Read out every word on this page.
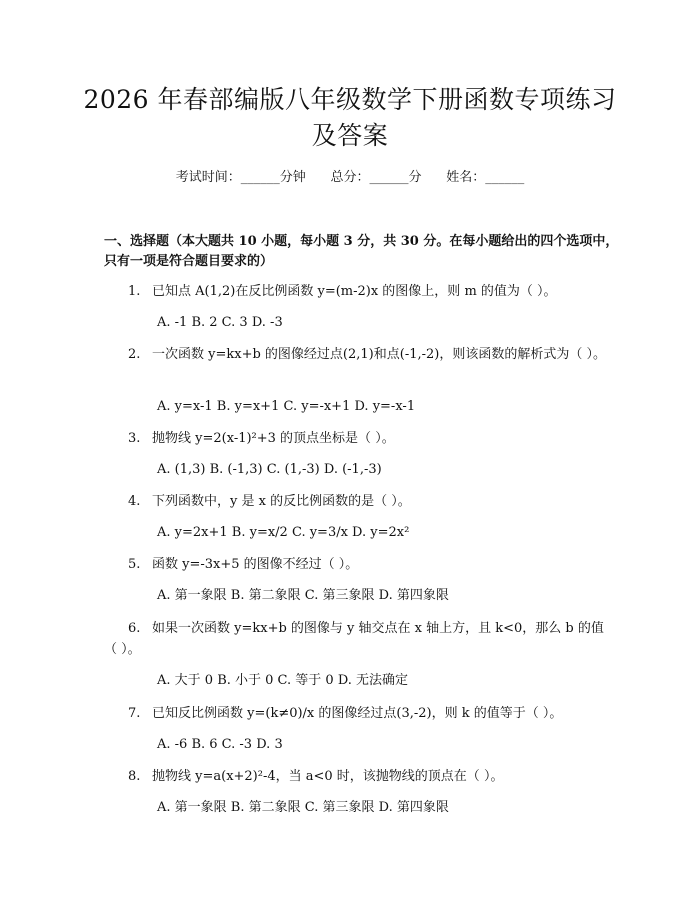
2026 年春部编版八年级数学下册函数专项练习及答案
考试时间：______分钟      总分：______分      姓名：______
一、选择题（本大题共 10 小题，每小题 3 分，共 30 分。在每小题给出的四个选项中，只有一项是符合题目要求的）
1. 已知点 A(1,2)在反比例函数 y=(m-2)x 的图像上，则 m 的值为（ ）。
A. -1 B. 2 C. 3 D. -3
2. 一次函数 y=kx+b 的图像经过点(2,1)和点(-1,-2)，则该函数的解析式为（ ）。
A. y=x-1 B. y=x+1 C. y=-x+1 D. y=-x-1
3. 抛物线 y=2(x-1)²+3 的顶点坐标是（ ）。
A. (1,3) B. (-1,3) C. (1,-3) D. (-1,-3)
4. 下列函数中，y 是 x 的反比例函数的是（ ）。
A. y=2x+1 B. y=x/2 C. y=3/x D. y=2x²
5. 函数 y=-3x+5 的图像不经过（ ）。
A. 第一象限 B. 第二象限 C. 第三象限 D. 第四象限
6. 如果一次函数 y=kx+b 的图像与 y 轴交点在 x 轴上方，且 k<0，那么 b 的值（ ）。
A. 大于 0 B. 小于 0 C. 等于 0 D. 无法确定
7. 已知反比例函数 y=(k≠0)/x 的图像经过点(3,-2)，则 k 的值等于（ ）。
A. -6 B. 6 C. -3 D. 3
8. 抛物线 y=a(x+2)²-4，当 a<0 时，该抛物线的顶点在（ ）。
A. 第一象限 B. 第二象限 C. 第三象限 D. 第四象限
